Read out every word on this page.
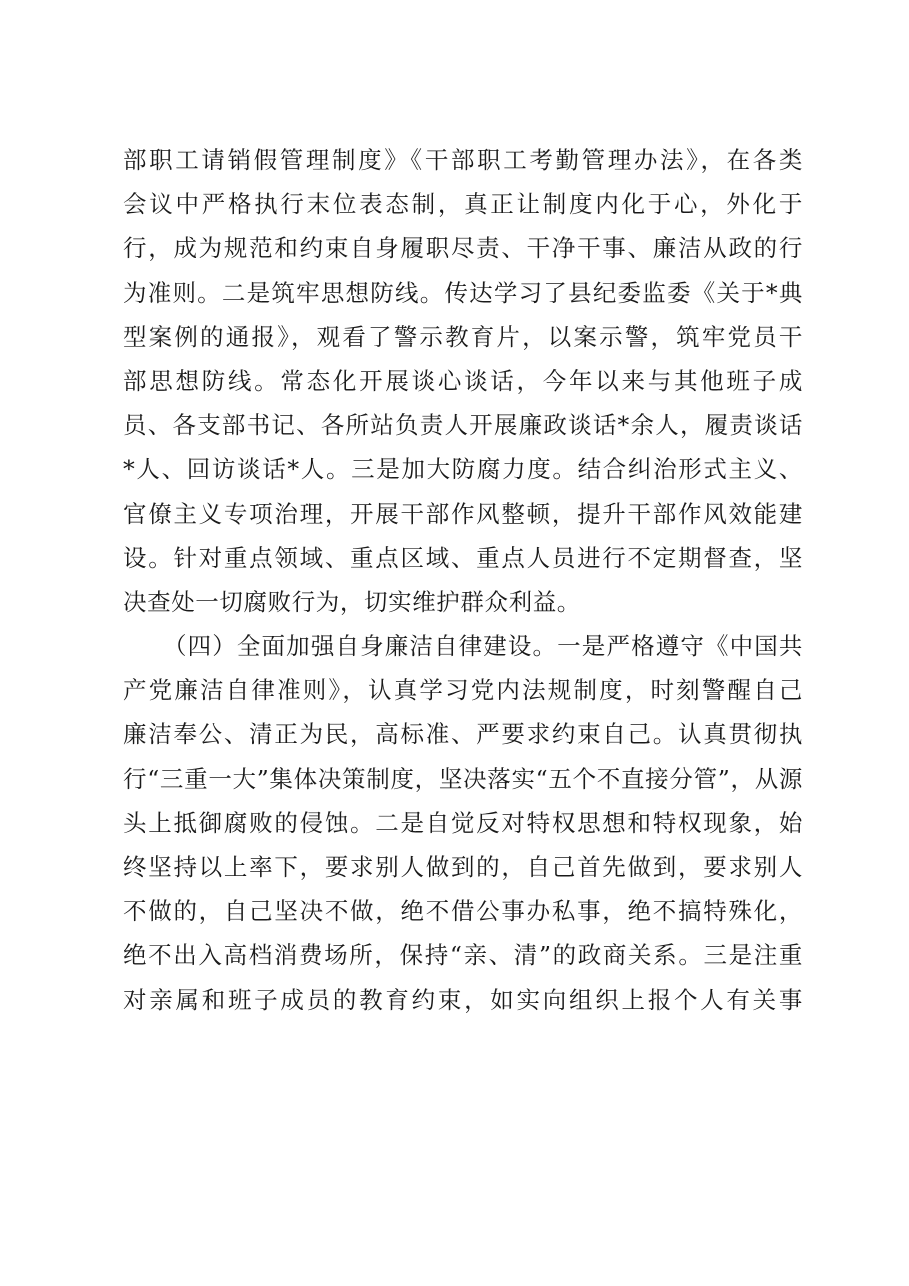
部职工请销假管理制度》《干部职工考勤管理办法》，在各类
会议中严格执行末位表态制，真正让制度内化于心，外化于
行，成为规范和约束自身履职尽责、干净干事、廉洁从政的行
为准则。二是筑牢思想防线。传达学习了县纪委监委《关于*典
型案例的通报》，观看了警示教育片，以案示警，筑牢党员干
部思想防线。常态化开展谈心谈话，今年以来与其他班子成
员、各支部书记、各所站负责人开展廉政谈话*余人，履责谈话
*人、回访谈话*人。三是加大防腐力度。结合纠治形式主义、
官僚主义专项治理，开展干部作风整顿，提升干部作风效能建
设。针对重点领域、重点区域、重点人员进行不定期督查，坚
决查处一切腐败行为，切实维护群众利益。
（四）全面加强自身廉洁自律建设。一是严格遵守《中国共
产党廉洁自律准则》，认真学习党内法规制度，时刻警醒自己
廉洁奉公、清正为民，高标准、严要求约束自己。认真贯彻执
行“三重一大”集体决策制度，坚决落实“五个不直接分管”，从源
头上抵御腐败的侵蚀。二是自觉反对特权思想和特权现象，始
终坚持以上率下，要求别人做到的，自己首先做到，要求别人
不做的，自己坚决不做，绝不借公事办私事，绝不搞特殊化，
绝不出入高档消费场所，保持“亲、清”的政商关系。三是注重
对亲属和班子成员的教育约束，如实向组织上报个人有关事
